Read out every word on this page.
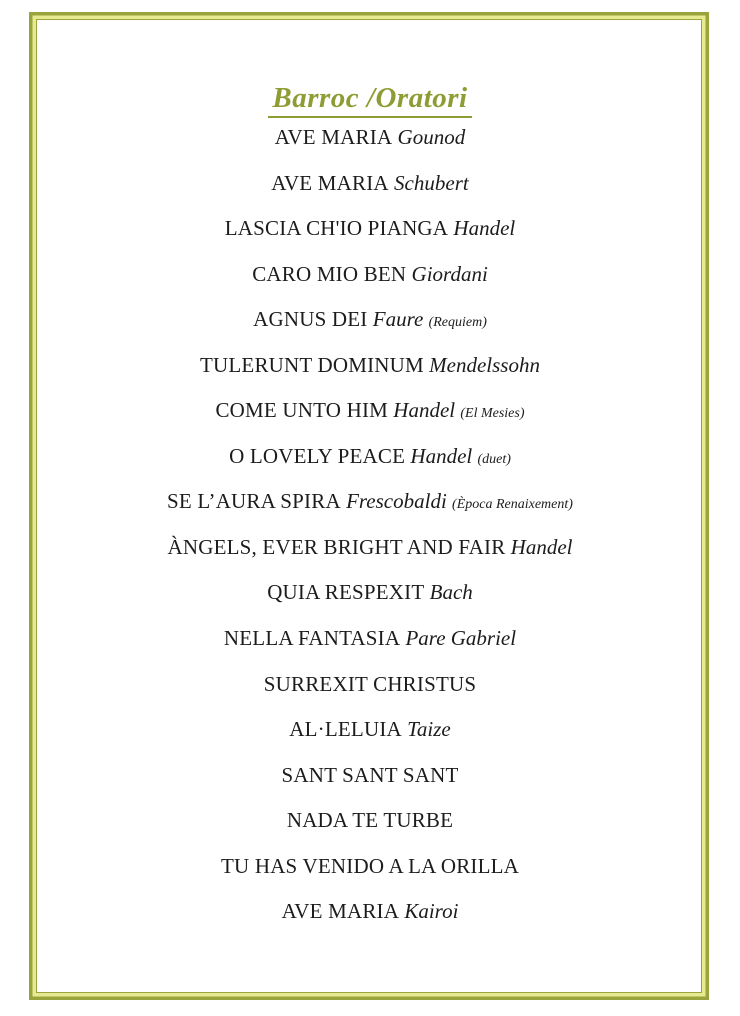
Barroc /Oratori
AVE MARIA Gounod
AVE MARIA Schubert
LASCIA CH'IO PIANGA Handel
CARO MIO BEN Giordani
AGNUS DEI Faure (Requiem)
TULERUNT DOMINUM Mendelssohn
COME UNTO HIM Handel (El Mesies)
O LOVELY PEACE Handel (duet)
SE L’AURA SPIRA Frescobaldi (Època Renaixement)
ÀNGELS, EVER BRIGHT AND FAIR Handel
QUIA RESPEXIT Bach
NELLA FANTASIA Pare Gabriel
SURREXIT CHRISTUS
AL·LELUIA Taize
SANT SANT SANT
NADA TE TURBE
TU HAS VENIDO A LA ORILLA
AVE MARIA Kairoi
